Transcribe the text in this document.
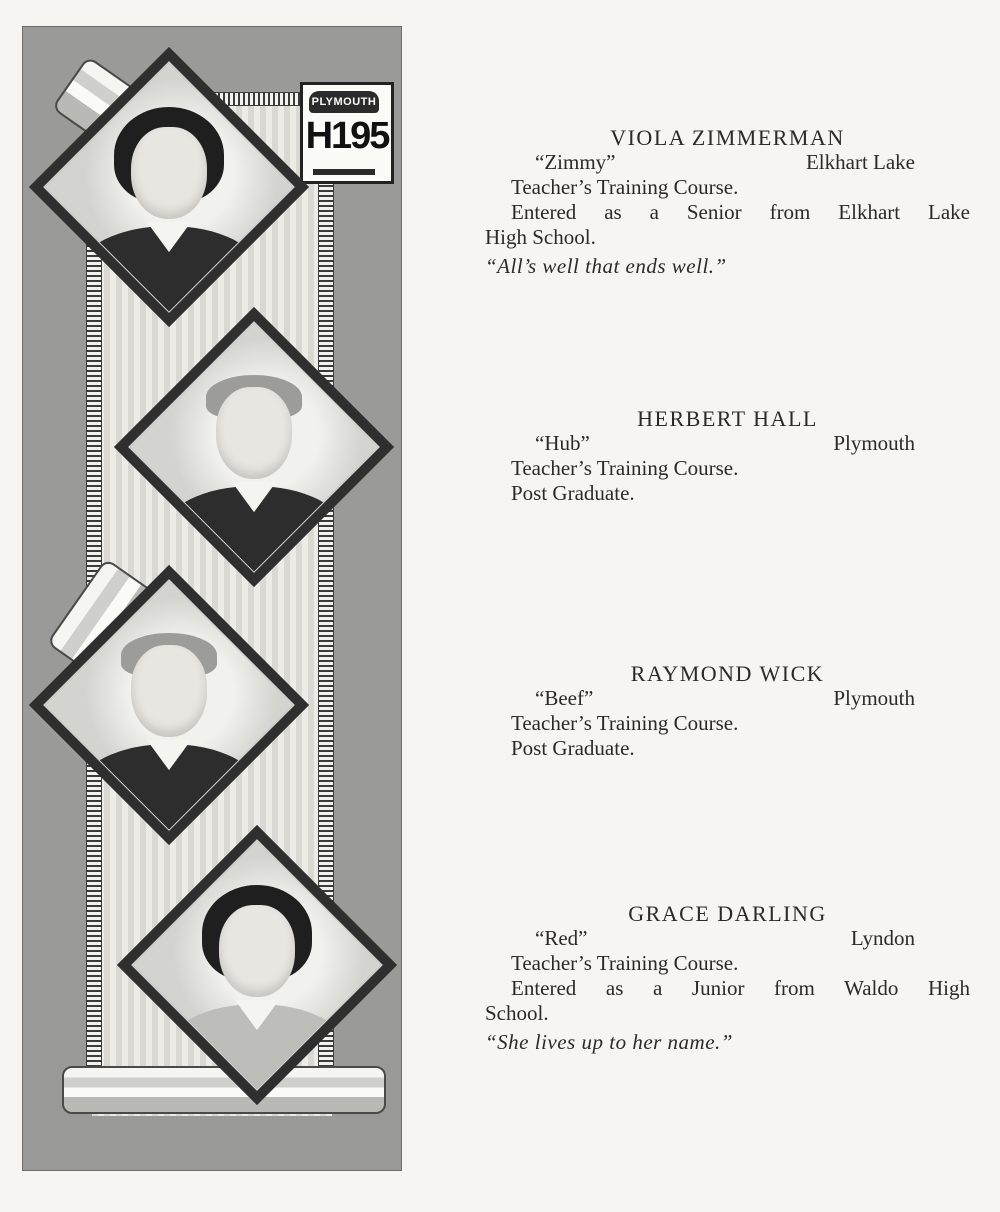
PLYMOUTH
H195	VIOLA ZIMMERMAN
“Zimmy”	Elkhart Lake
Teacher’s Training Course.
Entered as a Senior from Elkhart Lake
High School.
“All’s well that ends well.”
HERBERT HALL
“Hub”	Plymouth
Teacher’s Training Course.
Post Graduate.
RAYMOND WICK
“Beef”	Plymouth
Teacher’s Training Course.
Post Graduate.
GRACE DARLING
“Red”	Lyndon
Teacher’s Training Course.
Entered as a Junior from Waldo High
School.
“She lives up to her name.”
